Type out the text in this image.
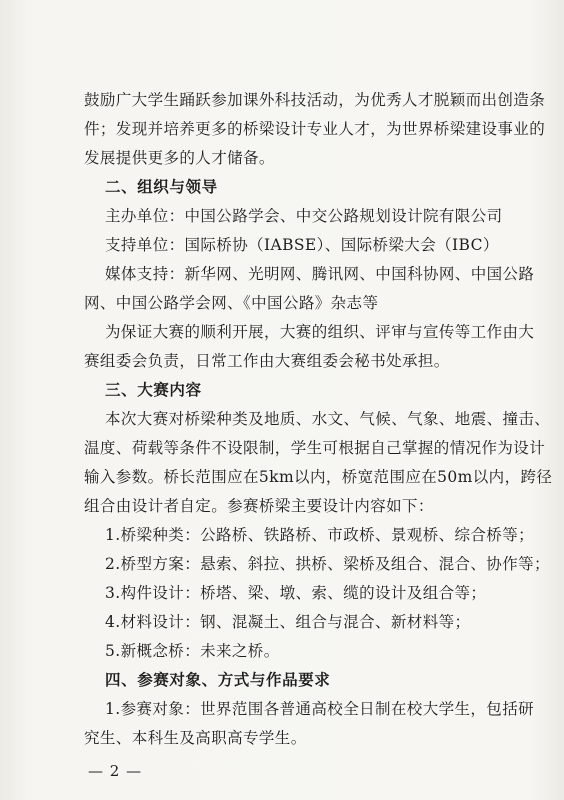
鼓励广大学生踊跃参加课外科技活动，为优秀人才脱颖而出创造条
件；发现并培养更多的桥梁设计专业人才，为世界桥梁建设事业的
发展提供更多的人才储备。
二、组织与领导
主办单位：中国公路学会、中交公路规划设计院有限公司
支持单位：国际桥协（IABSE）、国际桥梁大会（IBC）
媒体支持：新华网、光明网、腾讯网、中国科协网、中国公路
网、中国公路学会网、《中国公路》杂志等
为保证大赛的顺利开展，大赛的组织、评审与宣传等工作由大
赛组委会负责，日常工作由大赛组委会秘书处承担。
三、大赛内容
本次大赛对桥梁种类及地质、水文、气候、气象、地震、撞击、
温度、荷载等条件不设限制，学生可根据自己掌握的情况作为设计
输入参数。桥长范围应在5km以内，桥宽范围应在50m以内，跨径
组合由设计者自定。参赛桥梁主要设计内容如下：
1.桥梁种类：公路桥、铁路桥、市政桥、景观桥、综合桥等；
2.桥型方案：悬索、斜拉、拱桥、梁桥及组合、混合、协作等；
3.构件设计：桥塔、梁、墩、索、缆的设计及组合等；
4.材料设计：钢、混凝土、组合与混合、新材料等；
5.新概念桥：未来之桥。
四、参赛对象、方式与作品要求
1.参赛对象：世界范围各普通高校全日制在校大学生，包括研
究生、本科生及高职高专学生。
— 2 —
